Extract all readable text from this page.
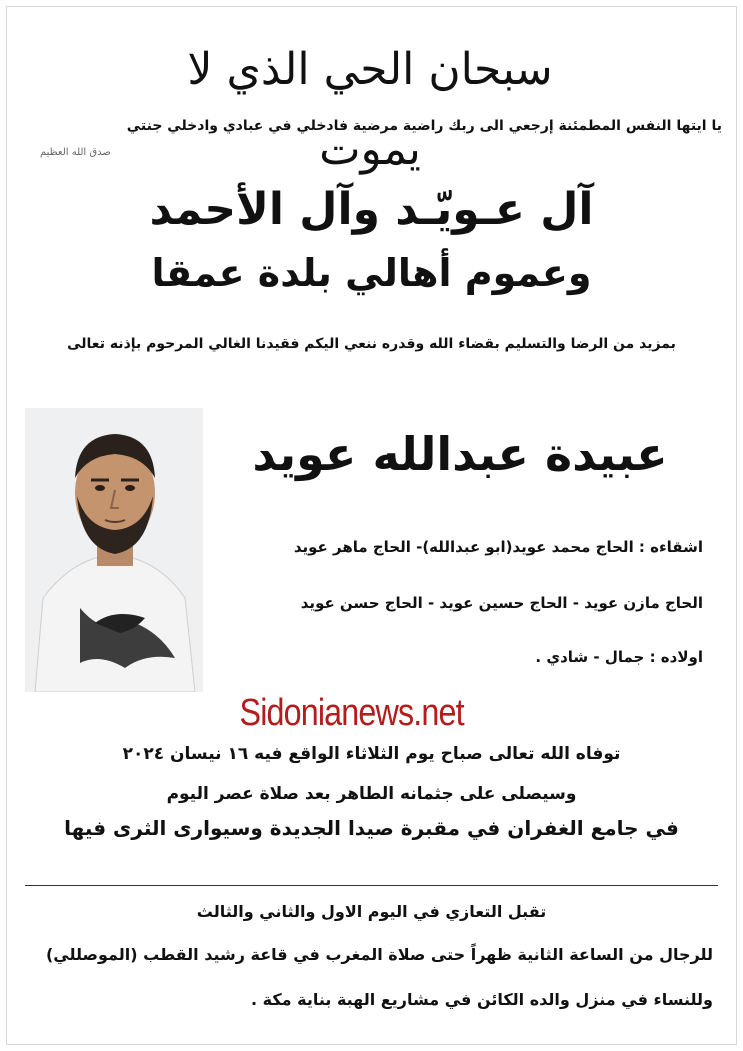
سبحان الحي الذي لا يموت
يا ايتها النفس المطمئنة إرجعي الى ربك راضية مرضية فادخلي في عبادي وادخلي جنتي
صدق الله العظيم
آل عـويّـد وآل الأحمد
وعموم أهالي بلدة عمقا
بمزيد من الرضا والتسليم بقضاء الله وقدره ننعي اليكم فقيدنا الغالي المرحوم بإذنه تعالى
عبيدة عبدالله عويد
اشقاءه : الحاج محمد عويد(ابو عبدالله)- الحاج ماهر عويد
الحاج مازن عويد - الحاج حسين عويد - الحاج حسن عويد
اولاده : جمال - شادي .
Sidonianews.net
توفاه الله تعالى صباح يوم الثلاثاء الواقع فيه ١٦ نيسان ٢٠٢٤
وسيصلى على جثمانه الطاهر بعد صلاة عصر اليوم
في جامع الغفران في مقبرة صيدا الجديدة وسيوارى الثرى فيها
تقبل التعازي في اليوم الاول والثاني والثالث
للرجال من الساعة الثانية ظهراً حتى صلاة المغرب في قاعة رشيد القطب (الموصللي)
وللنساء في منزل والده الكائن في مشاريع الهبة بناية مكة .
